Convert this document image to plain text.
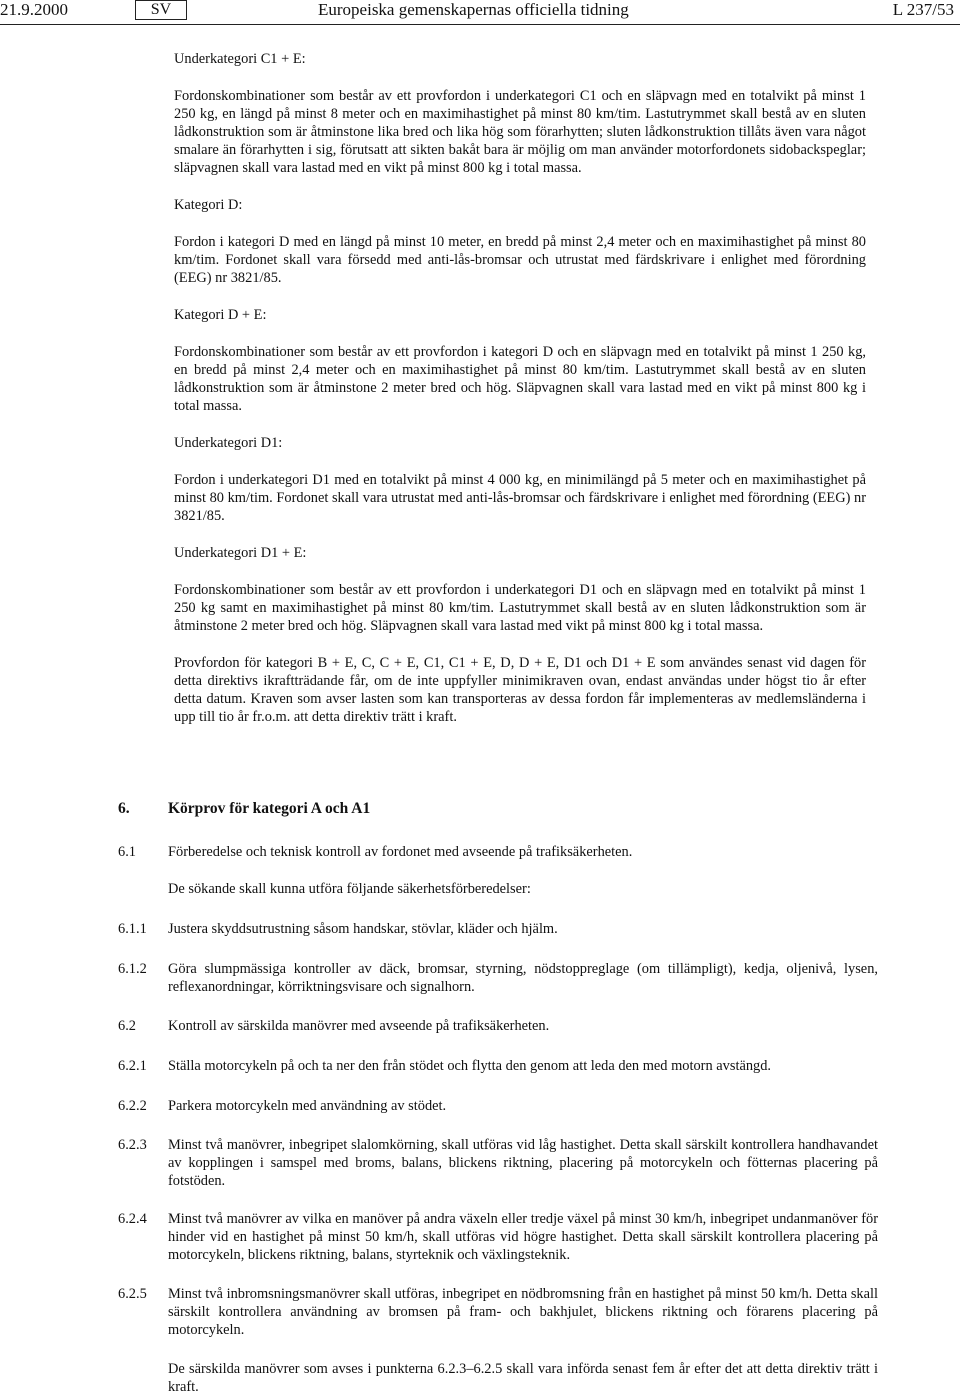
21.9.2000	SV	Europeiska gemenskapernas officiella tidning	L 237/53
Underkategori C1 + E:

Fordonskombinationer som består av ett provfordon i underkategori C1 och en släpvagn med en totalvikt på minst 1 250 kg, en längd på minst 8 meter och en maximihastighet på minst 80 km/tim. Lastutrymmet skall bestå av en sluten lådkonstruktion som är åtminstone lika bred och lika hög som förarhytten; sluten lådkonstruktion tillåts även vara något smalare än förarhytten i sig, förutsatt att sikten bakåt bara är möjlig om man använder motorfordonets sidobackspeglar; släpvagnen skall vara lastad med en vikt på minst 800 kg i total massa.

Kategori D:

Fordon i kategori D med en längd på minst 10 meter, en bredd på minst 2,4 meter och en maximihastighet på minst 80 km/tim. Fordonet skall vara försedd med anti-lås-bromsar och utrustat med färdskrivare i enlighet med förordning (EEG) nr 3821/85.

Kategori D + E:

Fordonskombinationer som består av ett provfordon i kategori D och en släpvagn med en totalvikt på minst 1 250 kg, en bredd på minst 2,4 meter och en maximihastighet på minst 80 km/tim. Lastutrymmet skall bestå av en sluten lådkonstruktion som är åtminstone 2 meter bred och hög. Släpvagnen skall vara lastad med en vikt på minst 800 kg i total massa.

Underkategori D1:

Fordon i underkategori D1 med en totalvikt på minst 4 000 kg, en minimilängd på 5 meter och en maximihastighet på minst 80 km/tim. Fordonet skall vara utrustat med anti-lås-bromsar och färdskrivare i enlighet med förordning (EEG) nr 3821/85.

Underkategori D1 + E:

Fordonskombinationer som består av ett provfordon i underkategori D1 och en släpvagn med en totalvikt på minst 1 250 kg samt en maximihastighet på minst 80 km/tim. Lastutrymmet skall bestå av en sluten lådkonstruktion som är åtminstone 2 meter bred och hög. Släpvagnen skall vara lastad med vikt på minst 800 kg i total massa.

Provfordon för kategori B + E, C, C + E, C1, C1 + E, D, D + E, D1 och D1 + E som användes senast vid dagen för detta direktivs ikraftträdande får, om de inte uppfyller minimikraven ovan, endast användas under högst tio år efter detta datum. Kraven som avser lasten som kan transporteras av dessa fordon får implementeras av medlemsländerna i upp till tio år fr.o.m. att detta direktiv trätt i kraft.

6. Körprov för kategori A och A1
6.1 Förberedelse och teknisk kontroll av fordonet med avseende på trafiksäkerheten.
De sökande skall kunna utföra följande säkerhetsförberedelser:
6.1.1 Justera skyddsutrustning såsom handskar, stövlar, kläder och hjälm.
6.1.2 Göra slumpmässiga kontroller av däck, bromsar, styrning, nödstoppreglage (om tillämpligt), kedja, oljenivå, lysen, reflexanordningar, körriktningsvisare och signalhorn.
6.2 Kontroll av särskilda manövrer med avseende på trafiksäkerheten.
6.2.1 Ställa motorcykeln på och ta ner den från stödet och flytta den genom att leda den med motorn avstängd.
6.2.2 Parkera motorcykeln med användning av stödet.
6.2.3 Minst två manövrer, inbegripet slalomkörning, skall utföras vid låg hastighet. Detta skall särskilt kontrollera handhavandet av kopplingen i samspel med broms, balans, blickens riktning, placering på motorcykeln och fötternas placering på fotstöden.
6.2.4 Minst två manövrer av vilka en manöver på andra växeln eller tredje växel på minst 30 km/h, inbegripet undanmanöver för hinder vid en hastighet på minst 50 km/h, skall utföras vid högre hastighet. Detta skall särskilt kontrollera placering på motorcykeln, blickens riktning, balans, styrteknik och växlingsteknik.
6.2.5 Minst två inbromsningsmanövrer skall utföras, inbegripet en nödbromsning från en hastighet på minst 50 km/h. Detta skall särskilt kontrollera användning av bromsen på fram- och bakhjulet, blickens riktning och förarens placering på motorcykeln.
De särskilda manövrer som avses i punkterna 6.2.3–6.2.5 skall vara införda senast fem år efter det att detta direktiv trätt i kraft.
